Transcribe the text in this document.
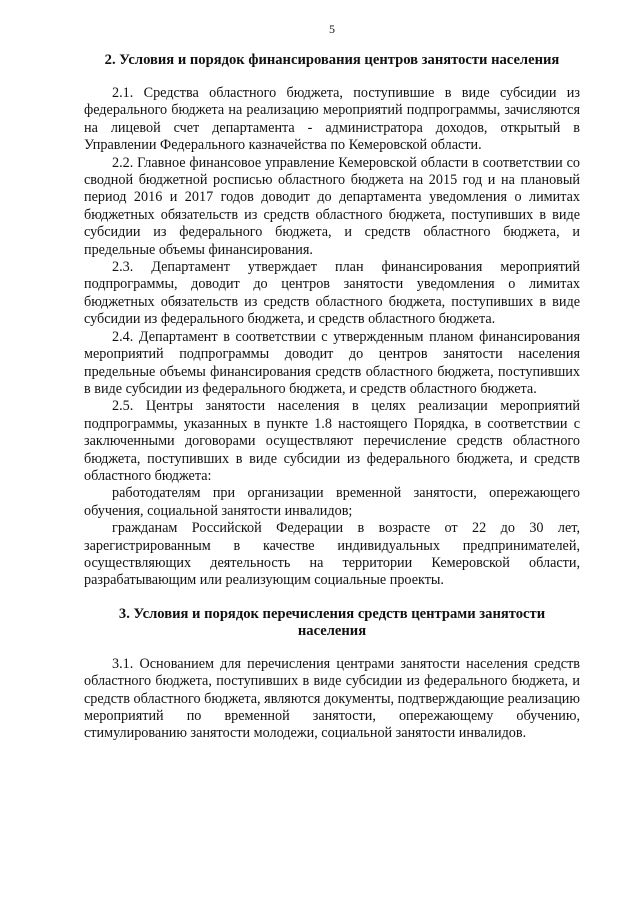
5
2. Условия и порядок финансирования центров занятости населения

2.1. Средства областного бюджета, поступившие в виде субсидии из федерального бюджета на реализацию мероприятий подпрограммы, зачисляются на лицевой счет департамента - администратора доходов, открытый в Управлении Федерального казначейства по Кемеровской области.

2.2. Главное финансовое управление Кемеровской области в соответствии со сводной бюджетной росписью областного бюджета на 2015 год и на плановый период 2016 и 2017 годов доводит до департамента уведомления о лимитах бюджетных обязательств из средств областного бюджета, поступивших в виде субсидии из федерального бюджета, и средств областного бюджета, и предельные объемы финансирования.

2.3. Департамент утверждает план финансирования мероприятий подпрограммы, доводит до центров занятости уведомления о лимитах бюджетных обязательств из средств областного бюджета, поступивших в виде субсидии из федерального бюджета, и средств областного бюджета.

2.4. Департамент в соответствии с утвержденным планом финансирования мероприятий подпрограммы доводит до центров занятости населения предельные объемы финансирования средств областного бюджета, поступивших в виде субсидии из федерального бюджета, и средств областного бюджета.

2.5. Центры занятости населения в целях реализации мероприятий подпрограммы, указанных в пункте 1.8 настоящего Порядка, в соответствии с заключенными договорами осуществляют перечисление средств областного бюджета, поступивших в виде субсидии из федерального бюджета, и средств областного бюджета:

работодателям при организации временной занятости, опережающего обучения, социальной занятости инвалидов;

гражданам Российской Федерации в возрасте от 22 до 30 лет, зарегистрированным в качестве индивидуальных предпринимателей, осуществляющих деятельность на территории Кемеровской области, разрабатывающим или реализующим социальные проекты.

3. Условия и порядок перечисления средств центрами занятости населения

3.1. Основанием для перечисления центрами занятости населения средств областного бюджета, поступивших в виде субсидии из федерального бюджета, и средств областного бюджета, являются документы, подтверждающие реализацию мероприятий по временной занятости, опережающему обучению, стимулированию занятости молодежи, социальной занятости инвалидов.
